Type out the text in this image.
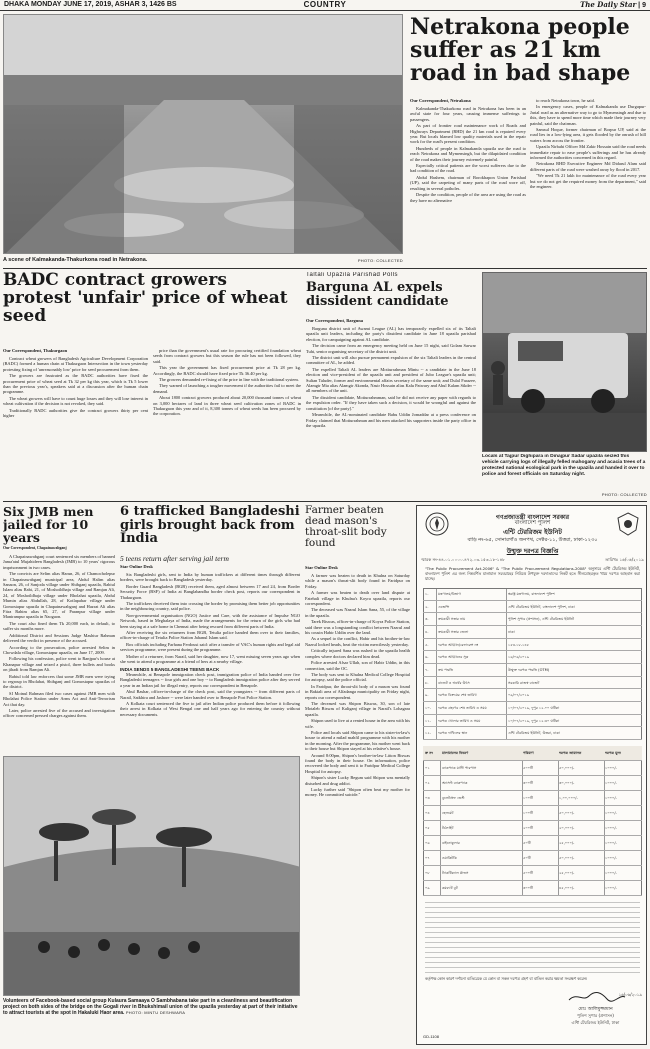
DHAKA MONDAY JUNE 17, 2019, ASHAR 3, 1426 BS	COUNTRY	The Daily Star | 9
A scene of Kalmakanda-Thakurkona road in Netrakona.	PHOTO: COLLECTED
Netrakona people suffer as 21 km road in bad shape
Our Correspondent, Netrakona

Kalmakanda-Thakurkona road in Netrakona has been in an awful state for four years, causing immense sufferings to passengers.

As part of frontier road maintenance work of Roads and Highways Department (RHD) the 21 km road is repaired every year. But locals blamed low quality materials used in the repair work for the road's present condition.

Hundreds of people in Kalmakanda upazila use the road to reach Netrakona and Mymensingh, but the dilapidated condition of the road makes their journey extremely painful.

Especially critical patients are the worst sufferers due to the bad condition of the road.

Abdul Hashem, chairman of Borokhapon Union Parishad (UP), said the carpeting of many parts of the road wore off, resulting in several potholes.

Despite the condition, people of the area are using the road as they have no alternative

to reach Netrakona town, he said.

In emergency cases, people of Kalmakanda use Durgapur-Jarial road as an alternative way to go to Mymensingh and due to this, they have to spend more time which made their journey very painful, said the chairman.

Samsul Hoque, former chairman of Borpur UP, said at the road lies in a low-lying area, it gets flooded by the onrush of hill waters from across the frontier.

Upazila Nirbahi Officer Md Zakir Hossain said the road needs immediate repair to ease people's sufferings and he has already informed the authorities concerned in this regard.

Netrakona RHD Executive Engineer Md Didarul Alam said different parts of the road were washed away by flood in 2017.

"We need Tk 21 lakh for maintenance of the road every year but we do not get the required money from the department," said the engineer.

BADC contract growers protest 'unfair' price of wheat seed
Our Correspondent, Thakurgaon

Contract wheat growers of Bangladesh Agriculture Development Corporation (BADC) formed a human chain at Thakurgaon Intersection in the town yesterday protesting fixing of 'unreasonably low' price for seed procurement from them.

The growers are frustrated as the BADC authorities have fixed the procurement price of wheat seed at Tk 32 per kg this year, which is Tk 5 lower than the previous year's, speakers said at a discussion after the human chain programme.

The wheat growers will have to count huge losses and they will lose interest in wheat cultivation if the decision is not revoked, they said.

Traditionally BADC authorities give the contract growers thirty per cent higher

price than the government's usual rate for procuring certified foundation wheat seeds from contract growers but this season the rule has not been followed, they said.

This year the government has fixed procurement price at Tk 28 per kg. Accordingly, the BADC should have fixed price Tk 36.40 per kg.

The growers demanded re-fixing of the price in line with the traditional system.

They warned of launching a tougher movement if the authorities fail to meet the demand.

About 1800 contract growers produced about 20,000 thousand tonnes of wheat on 3,000 hectares of land in three wheat seed cultivation zones of BADC in Thakurgaon this year and of it, 8,300 tonnes of wheat seeds has been procured by the corporation.

Taltali Upazila Parishad Polls
Barguna AL expels dissident candidate
Our Correspondent, Barguna

Barguna district unit of Awami League (AL) has temporarily expelled six of its Taltali upazila unit leaders, including the party's dissident candidate in June 18 upazila parishad election, for campaigning against AL candidate.

The decision came from an emergency meeting held on June 15 night, said Golam Sarwar Tuhi, senior organising secretary of the district unit.

The district unit will also pursue permanent expulsion of the six Taltali leaders in the central committee of AL, he added.

The expelled Taltali AL leaders are Motiurrahman Mintu -- a candidate in the June 18 election and vice-president of the upazila unit and president of Jubo League's upazila unit; Sultan Taluder, former and environmental affairs secretary of the same unit; and Dulal Farazee, Alamgir Mia alias Alamgir Akonda, Nasir Hossain alias Kalu Patwary and Abul Kalam Sikder -- all members of the unit.

The dissident candidate, Motiurrahmman, said he did not receive any paper with regards to the expulsion order. "If they have taken such a decision, it would be wrongful and against the constitution [of the party]."

Meanwhile, the AL-nominated candidate Babu Uddin Jomaddar at a press conference on Friday claimed that Motiurrahman and his men attacked his supporters inside the party office in the upazila.

Locals at Tajpur Dighipara in Dinajpur Sadar upazila seized this vehicle carrying logs of illegally felled mahogany and acacia trees of a protected national ecological park in the upazila and handed it over to police and forest officials on Saturday night.
PHOTO: COLLECTED
Six JMB men jailed for 10 years
Our Correspondent, Chapainawabganj

A Chapainawabganj court sentenced six members of banned Jama'atul Mujahideen Bangladesh (JMB) to 10 years' rigorous imprisonment in two cases.

The convicts are Selim alias Harun, 26, of Chamocholepur in Chapainawabganj municipal area, Abdul Halim alias Sanaon, 26, of Sanjoda village under Shibganj upazila, Rabiul Islam alias Rabi, 21, of Moshoildhaja village and Ramjan Ali, 24, of Moshoildhaja village under Bholahat upazila, Abdul Mumin alias Abdullah, 28, of Kotlapahar village under Gomostapur upazila in Chapainawabganj and Hazrat Ali alias Fitra Rahim alias 65, 27, of Paranpur village under Manirampur upazila in Naogaon.

The court also fined them Tk 20,000 each, in default, to suffer six months more.

Additional District and Sessions Judge Mashiur Rahman delivered the verdict in presence of the accused.

According to the prosecution, police arrested Selim in Chowdala village, Gomostapur upazila, on June 17, 2009.

Following his confession, police went to Ranjpur's house at Khanapur village and seized a pistol, three bullets and books on jihadi from Ramjan Ali.

Rabiul told law enforcers that some JMB men were trying to regroup in Bholahat, Shibganj and Gomostapur upazilas of the district.

SI Moinul Rahman filed two cases against JMB men with Bholahat Police Station under Arms Act and Anti-Terrorism Act that day.

Later, police arrested five of the accused and investigation officer concerned pressed charges against them.

6 trafficked Bangladeshi girls brought back from India
5 teens return after serving jail term
Star Online Desk

Six Bangladeshi girls, sent to India by human traffickers at different times through different borders, were brought back to Bangladesh yesterday.

Border Guard Bangladesh (BGB) received them, aged almost between 17 and 24, from Border Security Force (BSF) of India at Banglabandha border check post, reports our correspondent in Thakurgaon.

The traffickers deceived them into crossing the border by promising them better job opportunities in the neighbouring country, said police.

Non-governmental organisation (NGO) Justice and Care, with the assistance of Impulse NGO Network, based in Meghalaya of India, made the arrangements for the return of the girls who had been staying at a safe home in Chennai after being rescued from different parts of India.

After receiving the six returnees from BGB, Tetulia police handed them over to their families, officer-in-charge of Tetulia Police Station Jahanul Islam said.

Box officials including Farhana Ferdousi said: after a transfer of VAC's human rights and legal aid services programme, were present during the programme.

Mother of a returnee, from Narail, said her daughter, now 17, went missing seven years ago when she went to attend a programme at a friend of hers at a nearby village.

INDIA SENDS 5 BANGLADESHI TEENS BACK

Meanwhile, at Benapole immigration check post, immigration police of India handed over five Bangladeshi teenagers -- four girls and one boy -- to Bangladesh immigration police after they served a year in an Indian jail for illegal entry, reports our correspondent in Benapole.

Abul Bashar, officer-in-charge of the check post, said the youngsters -- from different parts of Narail, Satkhira and Jashore -- were later handed over to Benapole Port Police Station.

A Kolkata court sentenced the five to jail after Indian police produced them before it following their arrest in Kolkata of West Bengal one and half years ago for entering the country without necessary documents.

Volunteers of Facebook-based social group Kulaura Samaaya O Sambhabana take part in a cleanliness and beautification project on both sides of the bridge on the Gogali river in Bhukshimail union of the upazila yesterday at part of their initiative to attract tourists at the spot in Hakaluki Haor area. PHOTO: MINTU DESHWARA
Farmer beaten dead mason's throat-slit body found
Star Online Desk

A farmer was beaten to death in Khulna on Saturday while a mason's throat-slit body found in Faridpur on Friday.

A farmer was beaten to death over land dispute at Fatehali village in Khulna's Koyra upazila, reports our correspondent.

The deceased was Nazrul Islam Sana, 55, of the village in the upazila.

Tarek Biswas, officer-in-charge of Koyra Police Station, said there was a longstanding conflict between Nazrul and his cousin Habir Uddin over the land.

As a sequel to the conflict, Habir and his brother-in-law Nazrul locked heads, beat the victim mercilessly yesterday.

Critically injured Sana was rushed to the upazila health complex where doctors declared him dead.

Police arrested Afsar Ullah, son of Habir Uddin, in this connection, said the OC.

The body was sent to Khulna Medical College Hospital for autopsy, said the police official.

In Faridpur, the throat-slit body of a mason was found in Bakiali area of Alfadanga municipality on Friday night, reports our correspondent.

The deceased was Shipon Biswas, 30, son of late Motaleb Biswas of Kaliganj village in Narail's Lohagara upazila.

Shipon used to live at a rented house in the area with his wife.

Police and locals said Shipon came to his sister-in-law's house to attend a milad mahfil programme with his mother in the morning. After the programme, his mother went back to their house but Shipon stayed at his relative's house.

Around 8:00pm, Shipon's brother-in-law Litton Biswas found the body in their house. On information, police recovered the body and sent it to Faridpur Medical College Hospital for autopsy.

Shipon's sister Lucky Begum said Shipon was mentally disturbed and drug addict.

Lucky further said "Shipon often beat my mother for money. He committed suicide."

গণপ্রজাতন্ত্রী বাংলাদেশ সরকার
বাংলাদেশ পুলিশ
এন্টি টেররিজম ইউনিট
বাড়ি নং-৬৫, সোনারগাঁও জনপথ, সেক্টর-১১, উত্তরা, ঢাকা-১২৩০
উন্মুক্ত দরপত্র বিজ্ঞপ্তি
স্মারক নং-৪৪.০১.০০০০.৪৭২.০৩.১৫৩.১৮-১৪৮	তারিখঃ ১৬/০৬/২০১৯
"The Public Procurement Act-2006" & "The Public Procurement Regulations-2008" অনুসারে এন্টি টেররিজম ইউনিট, বাংলাদেশ পুলিশ এর জন্য নিম্নবর্ণিত মালামাল সরবরাহের নিমিত্তে উপযুক্ত দরদাতাদের নিকট হতে সীলমোহরকৃত খামে দরপত্র আহবান করা যাচ্ছে।
১.	মন্ত্রণালয়/বিভাগ	স্বরাষ্ট্র মন্ত্রণালয়, বাংলাদেশ পুলিশ
২.	এজেন্সি	এন্টি টেররিজম ইউনিট, বাংলাদেশ পুলিশ, ঢাকা
৩.	ক্রয়কারী সত্তার নাম	পুলিশ সুপার (প্রশাসন), এন্টি টেররিজম ইউনিট
৪.	ক্রয়কারী সত্তার জেলা	ঢাকা
৫.	দরপত্র আহ্বান/রেফারেন্স নং	১৫৩.১৮-১৪৮
৬.	দরপত্র আহ্বানের সূত্র	১৬/০৬/২০১৯
৭.	ক্রয় পদ্ধতি	উন্মুক্ত দরপত্র পদ্ধতি (OTM)
৮.	বাজেট ও অর্থের উৎস	সরকারি রাজস্ব বাজেট
৯.	দরপত্র বিক্রয়ের শেষ তারিখ	০৯/০৭/২০১৯
১০.	দরপত্র গ্রহণের শেষ তারিখ ও সময়	১০/০৭/২০১৯, দুপুর ১২.০০ ঘটিকা
১১.	দরপত্র খোলার তারিখ ও সময়	১০/০৭/২০১৯, দুপুর ১২.৩০ ঘটিকা
১২.	দরপত্র দাখিলের স্থান	এন্টি টেররিজম ইউনিট, উত্তরা, ঢাকা
ক্র নং	মালামালের বিবরণ	পরিমাণ	দরপত্র জামানত	দরপত্র মূল্য
০১	ব্যাকপ্যাক মাল্টি পারপাস	৫০০টি	৫০,০০০/-	১০০০/-
০২	অ্যাসল্ট ব্যাকপ্যাক	৩০০টি	৩০,০০০/-	১০০০/-
০৩	বুলেটপ্রুফ ভেস্ট	১০০টি	১,০০,০০০/-	১০০০/-
০৪	হেলমেট	১০০টি	৫০,০০০/-	১০০০/-
০৫	টর্চলাইট	২০০টি	২০,০০০/-	১০০০/-
০৬	বাইনোকুলার	৫০টি	২৫,০০০/-	১০০০/-
০৭	ওয়াকিটকি	৫০টি	৫০,০০০/-	১০০০/-
০৮	ট্যাকটিক্যাল গ্লাভস	৫০০টি	২৫,০০০/-	১০০০/-
০৯	কমব্যাট বুট	৩০০টি	৪৫,০০০/-	১০০০/-
কর্তৃপক্ষ কোন কারণ দর্শানো ব্যতিরেকে যে কোন বা সকল দরপত্র গ্রহণ বা বাতিল করার ক্ষমতা সংরক্ষণ করেন।
১৬/০৬/২০১৯
মোঃ আলিমুজ্জামান
পুলিশ সুপার (প্রশাসন)
এন্টি টেররিজম ইউনিট, ঢাকা
GD-1108
